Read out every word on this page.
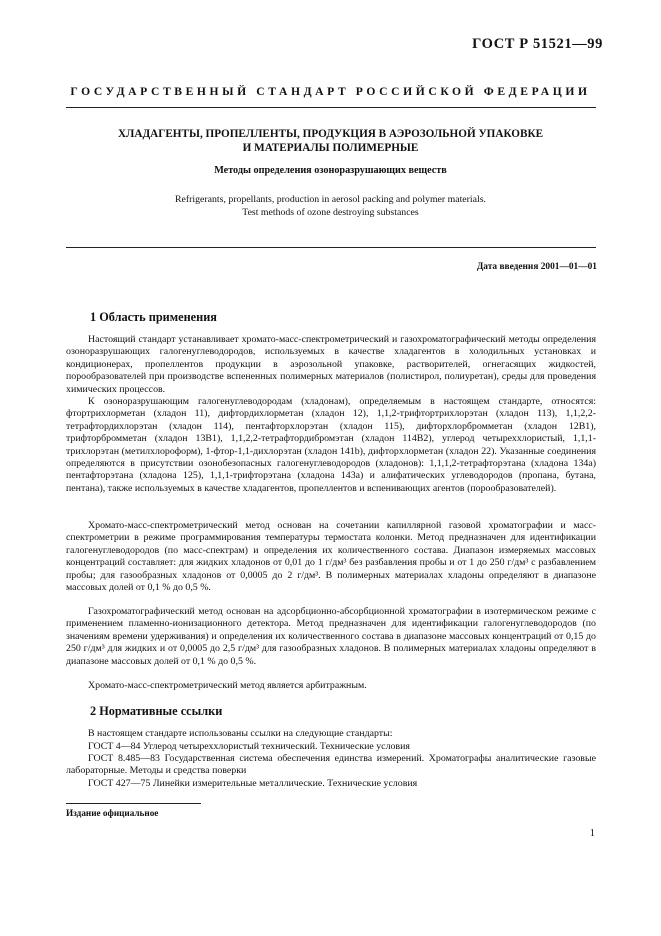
ГОСТ Р 51521—99
ГОСУДАРСТВЕННЫЙ СТАНДАРТ РОССИЙСКОЙ ФЕДЕРАЦИИ
ХЛАДАГЕНТЫ, ПРОПЕЛЛЕНТЫ, ПРОДУКЦИЯ В АЭРОЗОЛЬНОЙ УПАКОВКЕ
И МАТЕРИАЛЫ ПОЛИМЕРНЫЕ
Методы определения озоноразрушающих веществ
Refrigerants, propellants, production in aerosol packing and polymer materials.
Test methods of ozone destroying substances
Дата введения 2001—01—01
1 Область применения

Настоящий стандарт устанавливает хромато-масс-спектрометрический и газохроматографический методы определения озоноразрушающих галогенуглеводородов, используемых в качестве хладагентов в холодильных установках и кондиционерах, пропеллентов продукции в аэрозольной упаковке, растворителей, огнегасящих жидкостей, порообразователей при производстве вспененных полимерных материалов (полистирол, полиуретан), среды для проведения химических процессов.

К озоноразрушающим галогенуглеводородам (хладонам), определяемым в настоящем стандарте, относятся: фтортрихлорметан (хладон 11), дифтордихлорметан (хладон 12), 1,1,2-трифтортрихлорэтан (хладон 113), 1,1,2,2-тетрафтордихлорэтан (хладон 114), пентафторхлорэтан (хладон 115), дифторхлорбромметан (хладон 12В1), трифторбромметан (хладон 13В1), 1,1,2,2-тетрафтордибромэтан (хладон 114В2), углерод четыреххлористый, 1,1,1-трихлорэтан (метилхлороформ), 1-фтор-1,1-дихлорэтан (хладон 141b), дифторхлорметан (хладон 22). Указанные соединения определяются в присутствии озонобезопасных галогенуглеводородов (хладонов): 1,1,1,2-тетрафторэтана (хладона 134а) пентафторэтана (хладона 125), 1,1,1-трифторэтана (хладона 143а) и алифатических углеводородов (пропана, бутана, пентана), также используемых в качестве хладагентов, пропеллентов и вспенивающих агентов (порообразователей).

Хромато-масс-спектрометрический метод основан на сочетании капиллярной газовой хроматографии и масс-спектрометрии в режиме программирования температуры термостата колонки. Метод предназначен для идентификации галогенуглеводородов (по масс-спектрам) и определения их количественного состава. Диапазон измеряемых массовых концентраций составляет: для жидких хладонов от 0,01 до 1 г/дм³ без разбавления пробы и от 1 до 250 г/дм³ с разбавлением пробы; для газообразных хладонов от 0,0005 до 2 г/дм³. В полимерных материалах хладоны определяют в диапазоне массовых долей от 0,1 % до 0,5 %.

Газохроматографический метод основан на адсорбционно-абсорбционной хроматографии в изотермическом режиме с применением пламенно-ионизационного детектора. Метод предназначен для идентификации галогенуглеводородов (по значениям времени удерживания) и определения их количественного состава в диапазоне массовых концентраций от 0,15 до 250 г/дм³ для жидких и от 0,0005 до 2,5 г/дм³ для газообразных хладонов. В полимерных материалах хладоны определяют в диапазоне массовых долей от 0,1 % до 0,5 %.

Хромато-масс-спектрометрический метод является арбитражным.

2 Нормативные ссылки

В настоящем стандарте использованы ссылки на следующие стандарты:

ГОСТ 4—84 Углерод четыреххлористый технический. Технические условия

ГОСТ 8.485—83 Государственная система обеспечения единства измерений. Хроматографы аналитические газовые лабораторные. Методы и средства поверки

ГОСТ 427—75 Линейки измерительные металлические. Технические условия

Издание официальное
1
